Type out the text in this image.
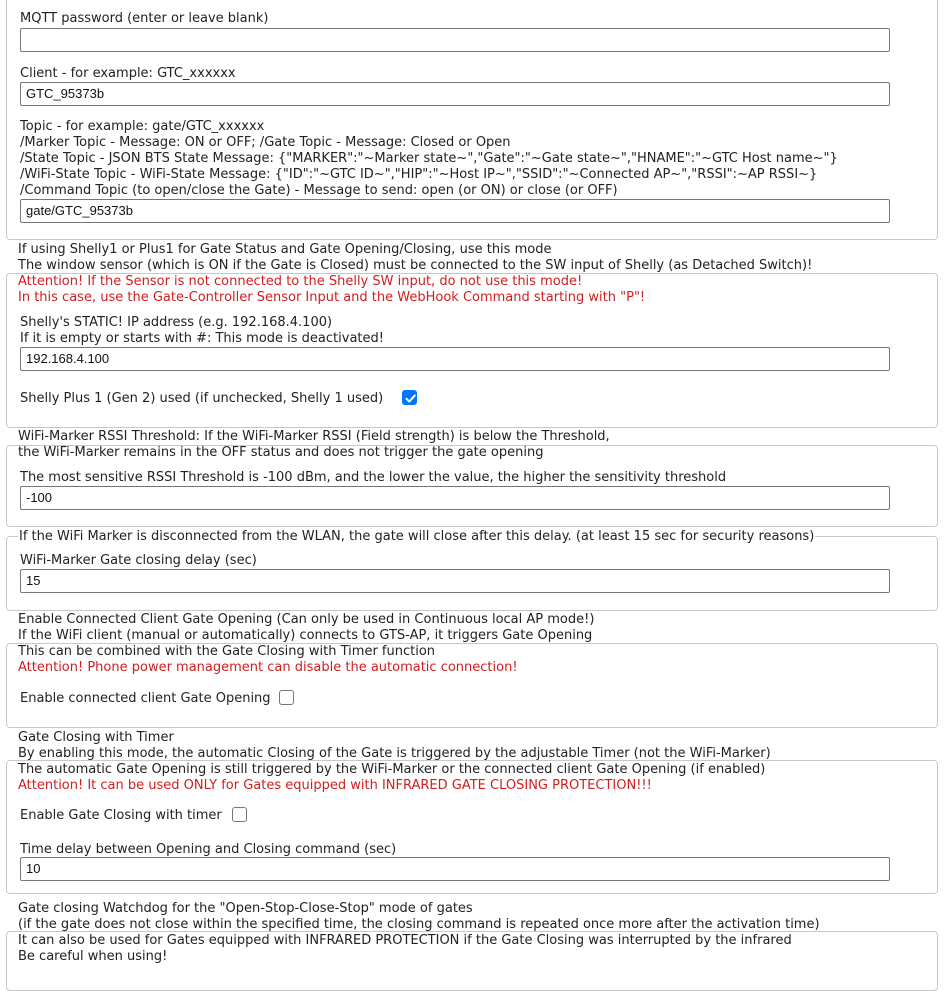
MQTT password (enter or leave blank)
Client - for example: GTC_xxxxxx
GTC_95373b
Topic - for example: gate/GTC_xxxxxx
/Marker Topic - Message: ON or OFF; /Gate Topic - Message: Closed or Open
/State Topic - JSON BTS State Message: {"MARKER":"~Marker state~","Gate":"~Gate state~","HNAME":"~GTC Host name~"}
/WiFi-State Topic - WiFi-State Message: {"ID":"~GTC ID~","HIP":"~Host IP~","SSID":"~Connected AP~","RSSI":~AP RSSI~}
/Command Topic (to open/close the Gate) - Message to send: open (or ON) or close (or OFF)
gate/GTC_95373b
If using Shelly1 or Plus1 for Gate Status and Gate Opening/Closing, use this mode
The window sensor (which is ON if the Gate is Closed) must be connected to the SW input of Shelly (as Detached Switch)!
Attention! If the Sensor is not connected to the Shelly SW input, do not use this mode!
In this case, use the Gate-Controller Sensor Input and the WebHook Command starting with "P"!
Shelly's STATIC! IP address (e.g. 192.168.4.100)
If it is empty or starts with #: This mode is deactivated!
192.168.4.100
Shelly Plus 1 (Gen 2) used (if unchecked, Shelly 1 used)
WiFi-Marker RSSI Threshold: If the WiFi-Marker RSSI (Field strength) is below the Threshold,
the WiFi-Marker remains in the OFF status and does not trigger the gate opening
The most sensitive RSSI Threshold is -100 dBm, and the lower the value, the higher the sensitivity threshold
-100
If the WiFi Marker is disconnected from the WLAN, the gate will close after this delay. (at least 15 sec for security reasons)
WiFi-Marker Gate closing delay (sec)
15
Enable Connected Client Gate Opening (Can only be used in Continuous local AP mode!)
If the WiFi client (manual or automatically) connects to GTS-AP, it triggers Gate Opening
This can be combined with the Gate Closing with Timer function
Attention! Phone power management can disable the automatic connection!
Enable connected client Gate Opening
Gate Closing with Timer
By enabling this mode, the automatic Closing of the Gate is triggered by the adjustable Timer (not the WiFi-Marker)
The automatic Gate Opening is still triggered by the WiFi-Marker or the connected client Gate Opening (if enabled)
Attention! It can be used ONLY for Gates equipped with INFRARED GATE CLOSING PROTECTION!!!
Enable Gate Closing with timer
Time delay between Opening and Closing command (sec)
10
Gate closing Watchdog for the "Open-Stop-Close-Stop" mode of gates
(if the gate does not close within the specified time, the closing command is repeated once more after the activation time)
It can also be used for Gates equipped with INFRARED PROTECTION if the Gate Closing was interrupted by the infrared
Be careful when using!
